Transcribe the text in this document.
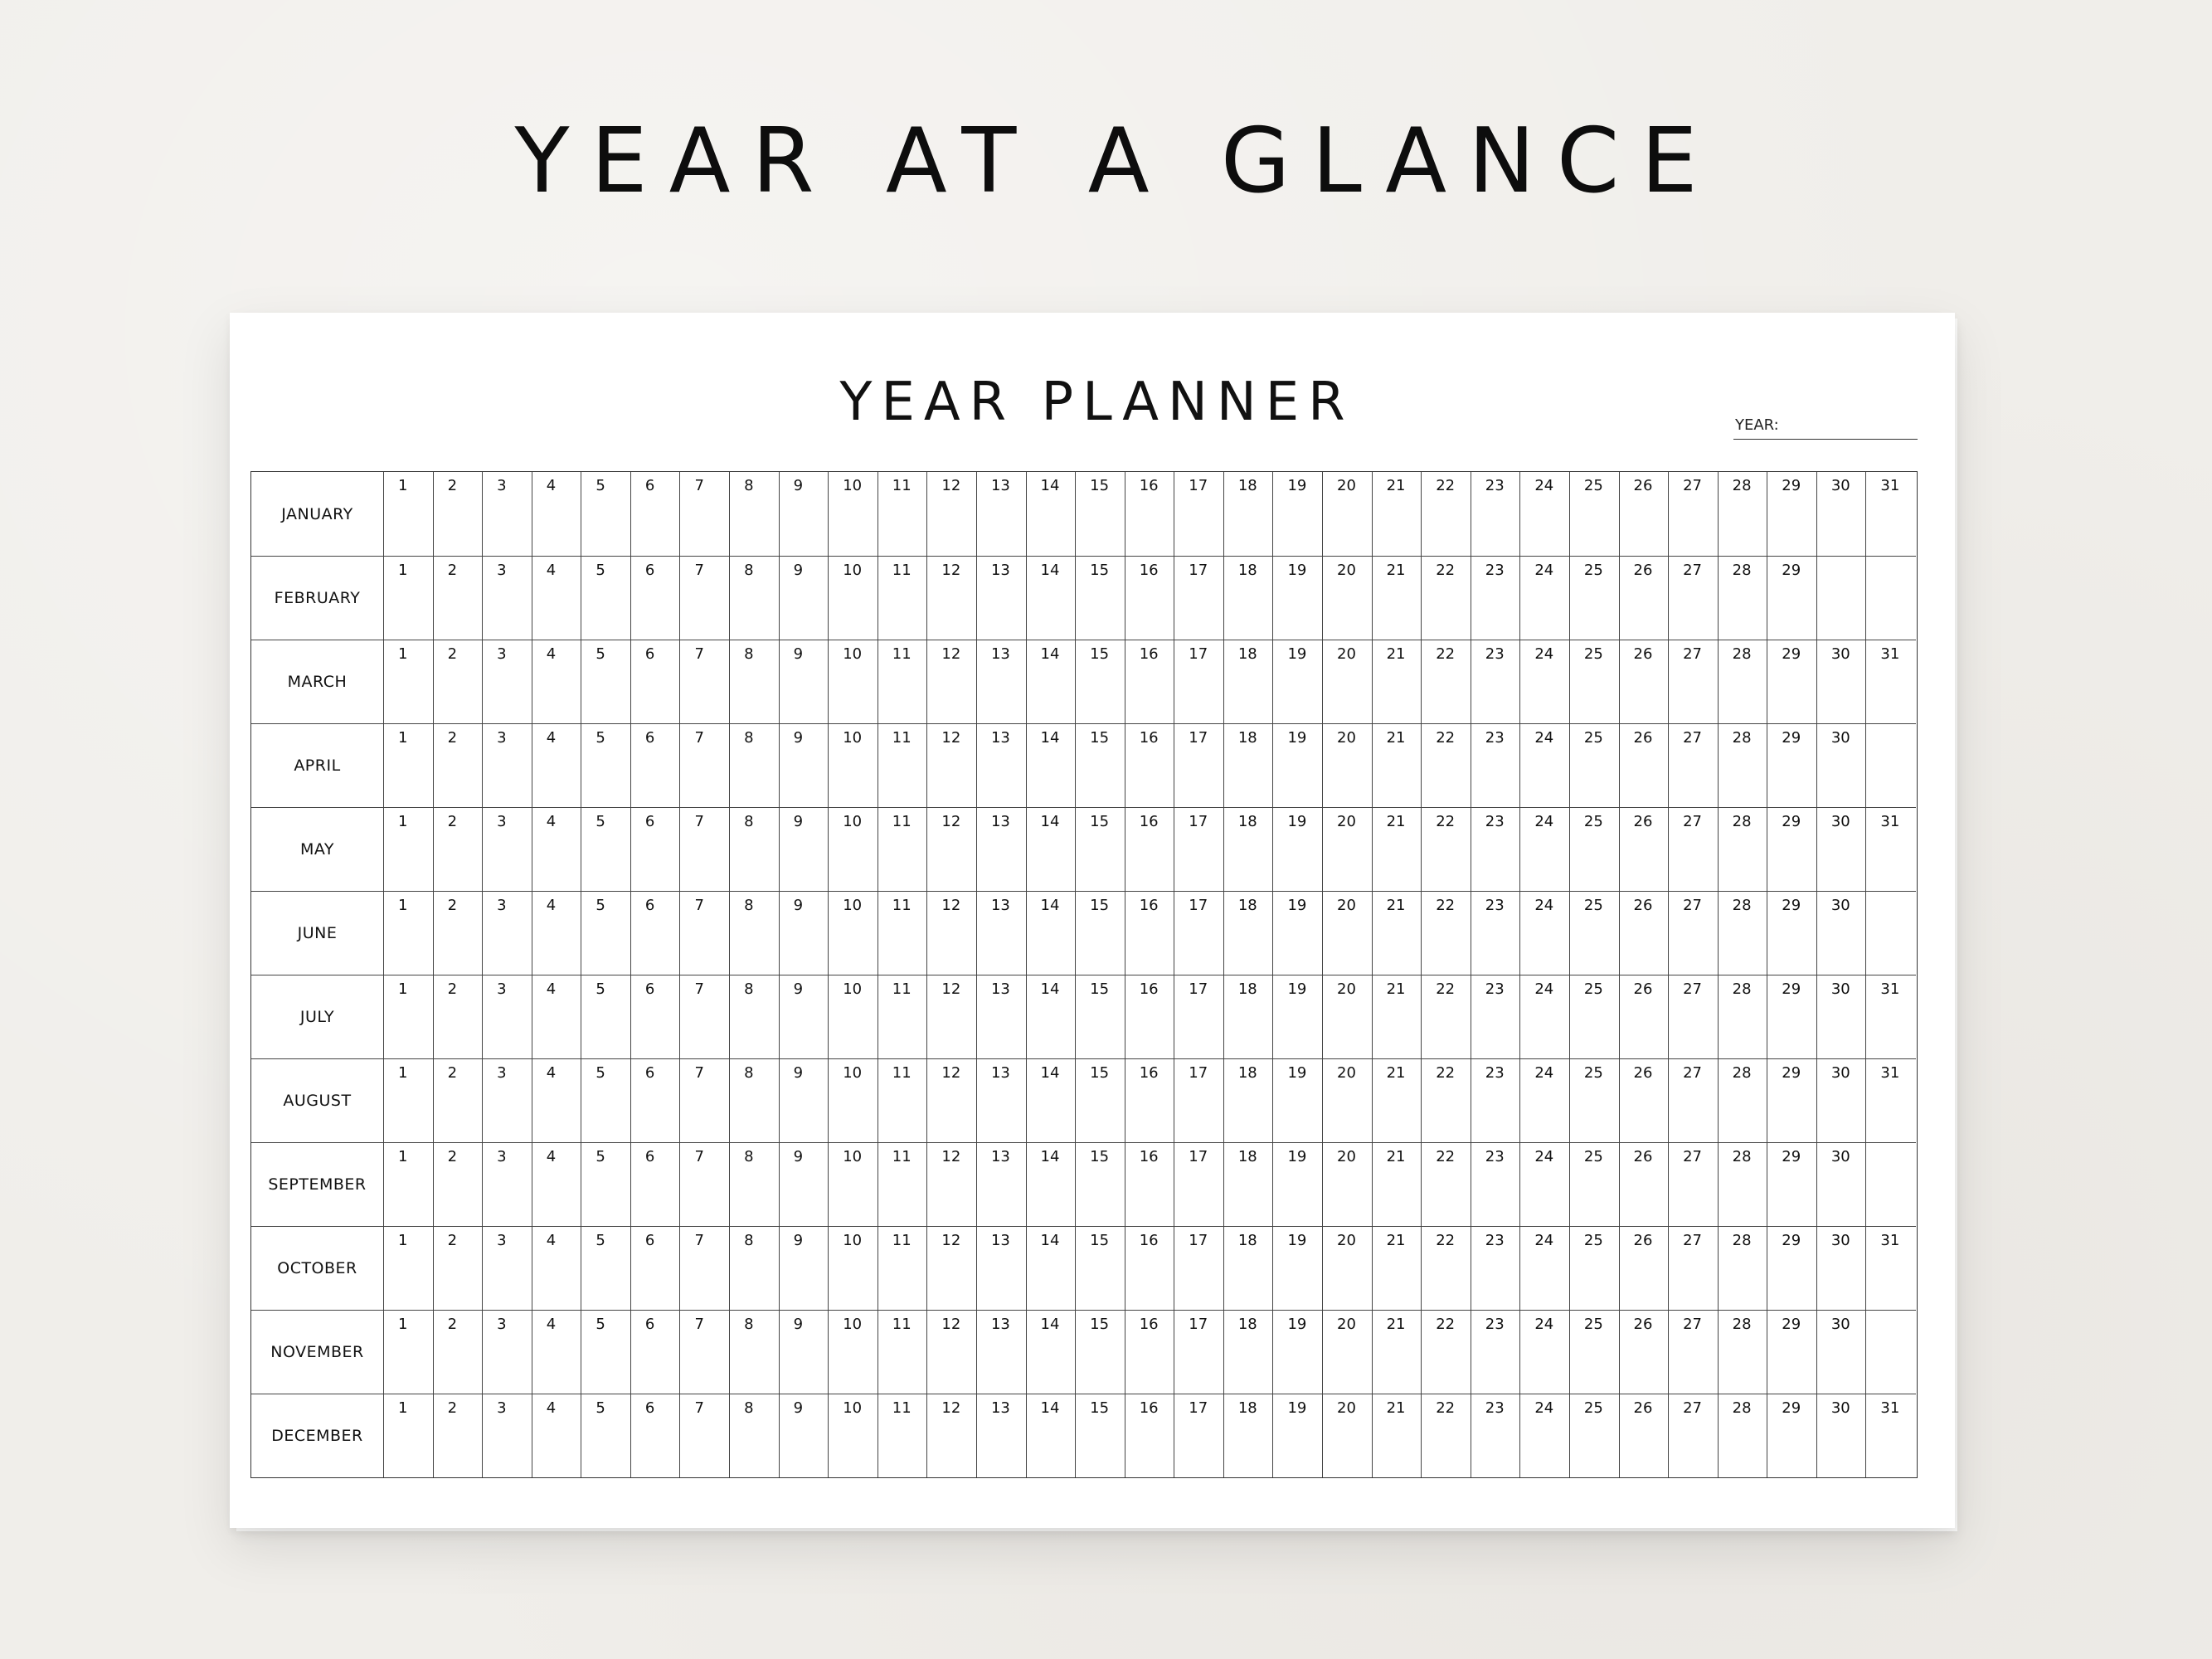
YEAR AT A GLANCE
YEAR PLANNER	YEAR:
JANUARY
1	2	3	4	5	6	7	8	9	10 11 12 13 14 15 16 17 18 19 20 21 22 23 24 25 26 27 28 29 30 31
FEBRUARY
1	2	3	4	5	6	7	8	9	10 11 12 13 14 15 16 17 18 19 20 21 22 23 24 25 26 27 28 29
MARCH
1	2	3	4	5	6	7	8	9	10 11 12 13 14 15 16 17 18 19 20 21 22 23 24 25 26 27 28 29 30 31
APRIL
1	2	3	4	5	6	7	8	9	10 11 12 13 14 15 16 17 18 19 20 21 22 23 24 25 26 27 28 29 30
MAY
1	2	3	4	5	6	7	8	9	10 11 12 13 14 15 16 17 18 19 20 21 22 23 24 25 26 27 28 29 30 31
JUNE
1	2	3	4	5	6	7	8	9	10 11 12 13 14 15 16 17 18 19 20 21 22 23 24 25 26 27 28 29 30
JULY
1	2	3	4	5	6	7	8	9	10 11 12 13 14 15 16 17 18 19 20 21 22 23 24 25 26 27 28 29 30 31
AUGUST
1	2	3	4	5	6	7	8	9	10 11 12 13 14 15 16 17 18 19 20 21 22 23 24 25 26 27 28 29 30 31
SEPTEMBER
1	2	3	4	5	6	7	8	9	10 11 12 13 14 15 16 17 18 19 20 21 22 23 24 25 26 27 28 29 30
OCTOBER
1	2	3	4	5	6	7	8	9	10 11 12 13 14 15 16 17 18 19 20 21 22 23 24 25 26 27 28 29 30 31
NOVEMBER
1	2	3	4	5	6	7	8	9	10 11 12 13 14 15 16 17 18 19 20 21 22 23 24 25 26 27 28 29 30
DECEMBER
1	2	3	4	5	6	7	8	9	10 11 12 13 14 15 16 17 18 19 20 21 22 23 24 25 26 27 28 29 30 31
